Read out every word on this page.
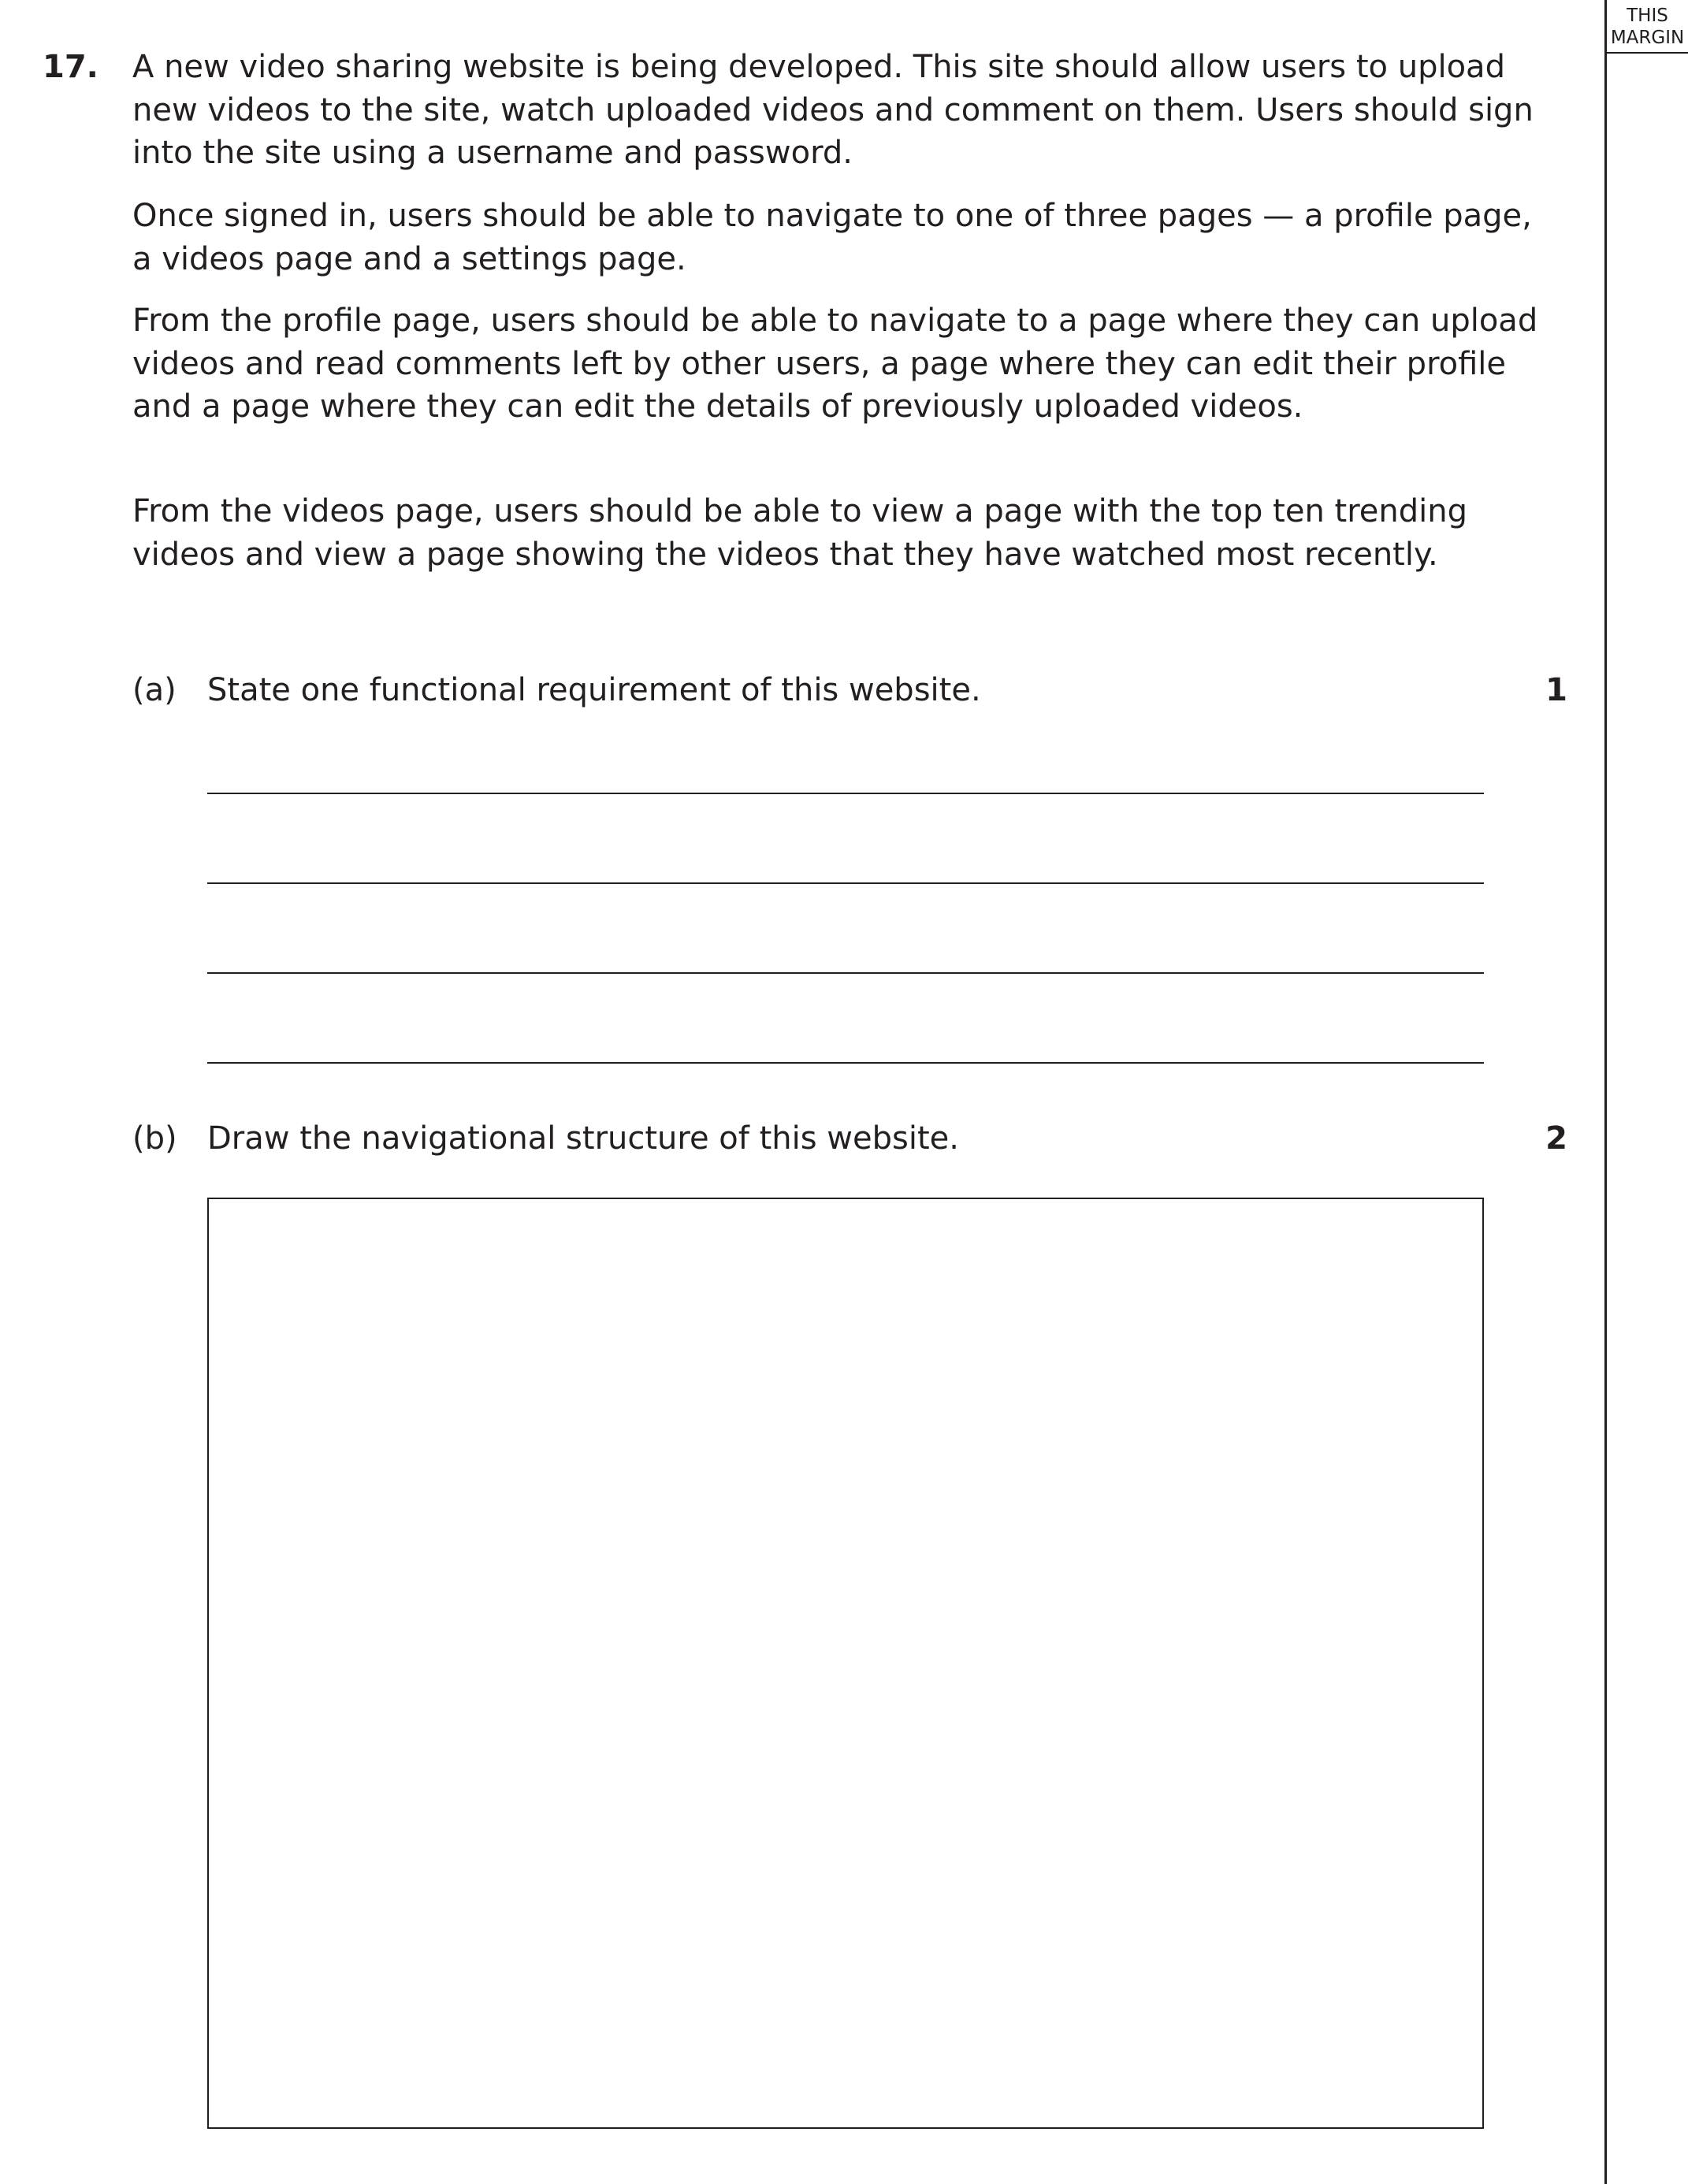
THIS
MARGIN
17. A new video sharing website is being developed. This site should allow users to upload new videos to the site, watch uploaded videos and comment on them. Users should sign into the site using a username and password.

Once signed in, users should be able to navigate to one of three pages — a profile page, a videos page and a settings page.

From the profile page, users should be able to navigate to a page where they can upload videos and read comments left by other users, a page where they can edit their profile and a page where they can edit the details of previously uploaded videos.

From the videos page, users should be able to view a page with the top ten trending videos and view a page showing the videos that they have watched most recently.

(a) State one functional requirement of this website.	1
(b) Draw the navigational structure of this website.	2
